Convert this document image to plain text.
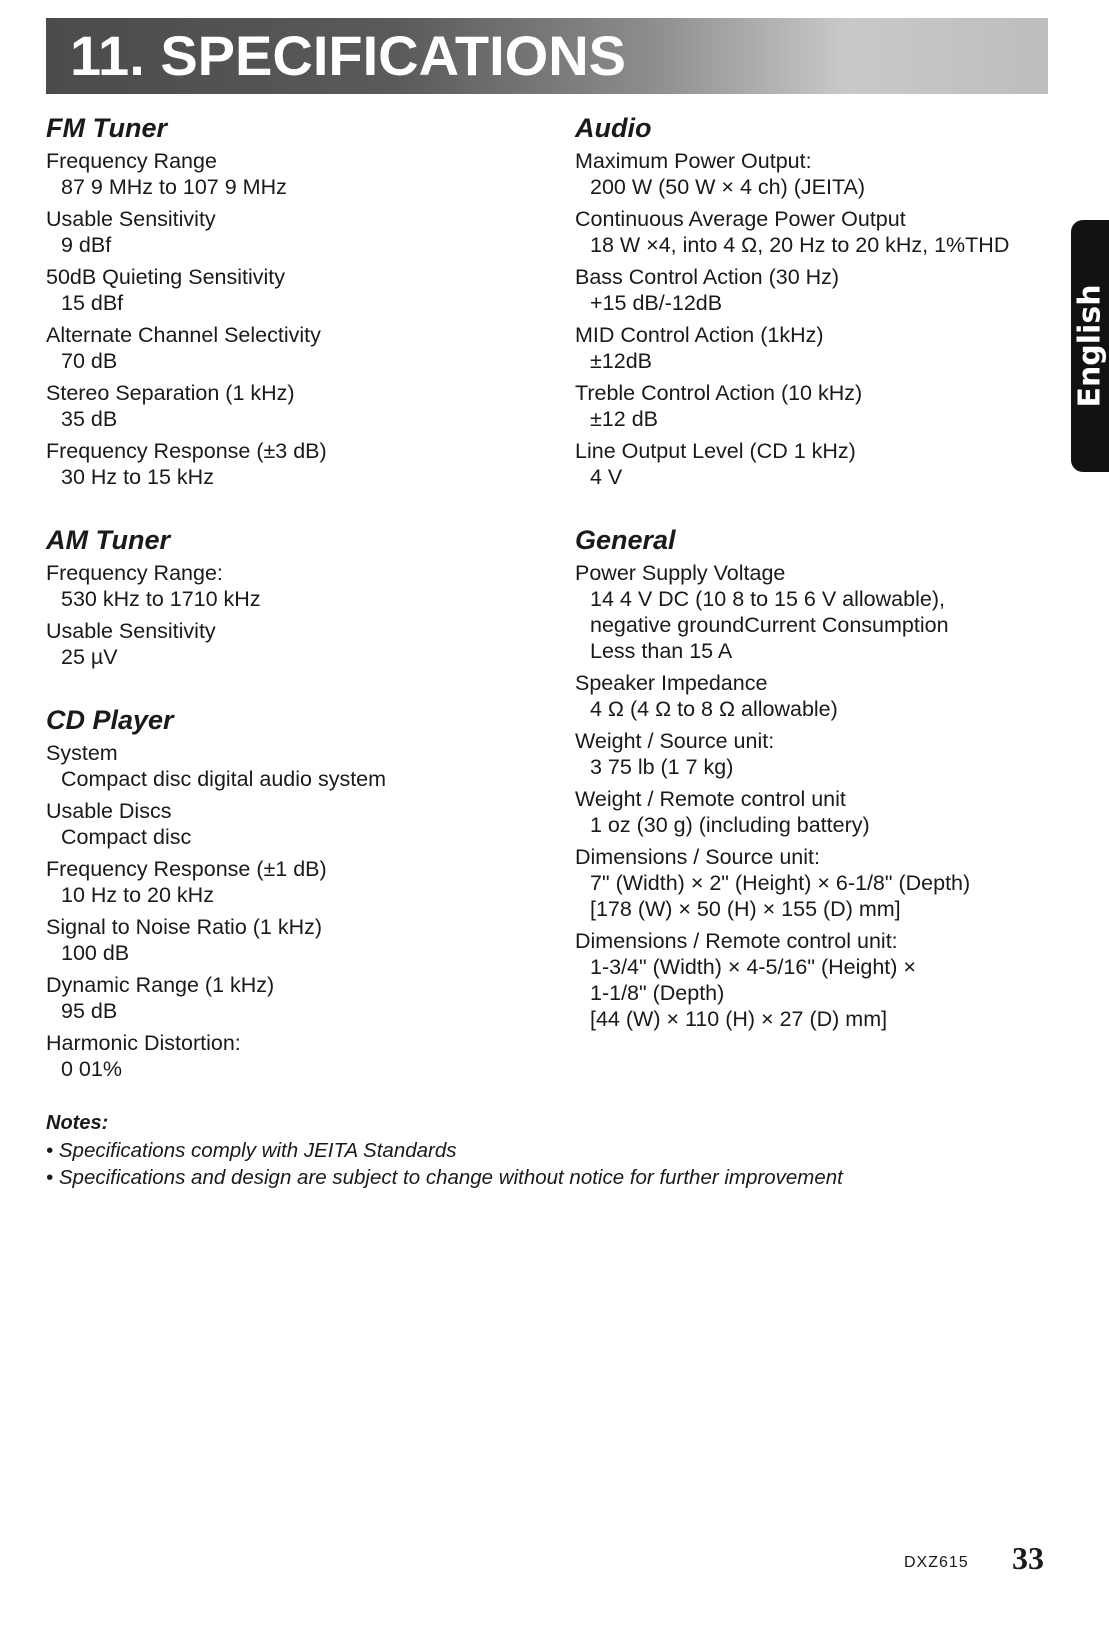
11. SPECIFICATIONS
English
FM Tuner
Frequency Range
87 9 MHz to 107 9 MHz
Usable Sensitivity
9 dBf
50dB Quieting Sensitivity
15 dBf
Alternate Channel Selectivity
70 dB
Stereo Separation (1 kHz)
35 dB
Frequency Response (±3 dB)
30 Hz to 15 kHz
AM Tuner
Frequency Range:
530 kHz to 1710 kHz
Usable Sensitivity
25 µV
CD Player
System
Compact disc digital audio system
Usable Discs
Compact disc
Frequency Response (±1 dB)
10 Hz to 20 kHz
Signal to Noise Ratio (1 kHz)
100 dB
Dynamic Range (1 kHz)
95 dB
Harmonic Distortion:
0 01%
Audio
Maximum Power Output:
200 W (50 W × 4 ch) (JEITA)
Continuous Average Power Output
18 W ×4, into 4 Ω, 20 Hz to 20 kHz, 1%THD
Bass Control Action (30 Hz)
+15 dB/-12dB
MID Control Action (1kHz)
±12dB
Treble Control Action (10 kHz)
±12 dB
Line Output Level (CD 1 kHz)
4 V
General
Power Supply Voltage
14 4 V DC (10 8 to 15 6 V allowable),
negative groundCurrent Consumption
Less than 15 A
Speaker Impedance
4 Ω (4 Ω to 8 Ω allowable)
Weight / Source unit:
3 75 lb (1 7 kg)
Weight / Remote control unit
1 oz (30 g) (including battery)
Dimensions / Source unit:
7" (Width) × 2" (Height) × 6-1/8" (Depth)
[178 (W) × 50 (H) × 155 (D) mm]
Dimensions / Remote control unit:
1-3/4" (Width) × 4-5/16" (Height) ×
1-1/8" (Depth)
[44 (W) × 110 (H) × 27 (D) mm]
Notes:
• Specifications comply with JEITA Standards
• Specifications and design are subject to change without notice for further improvement
DXZ615 33
